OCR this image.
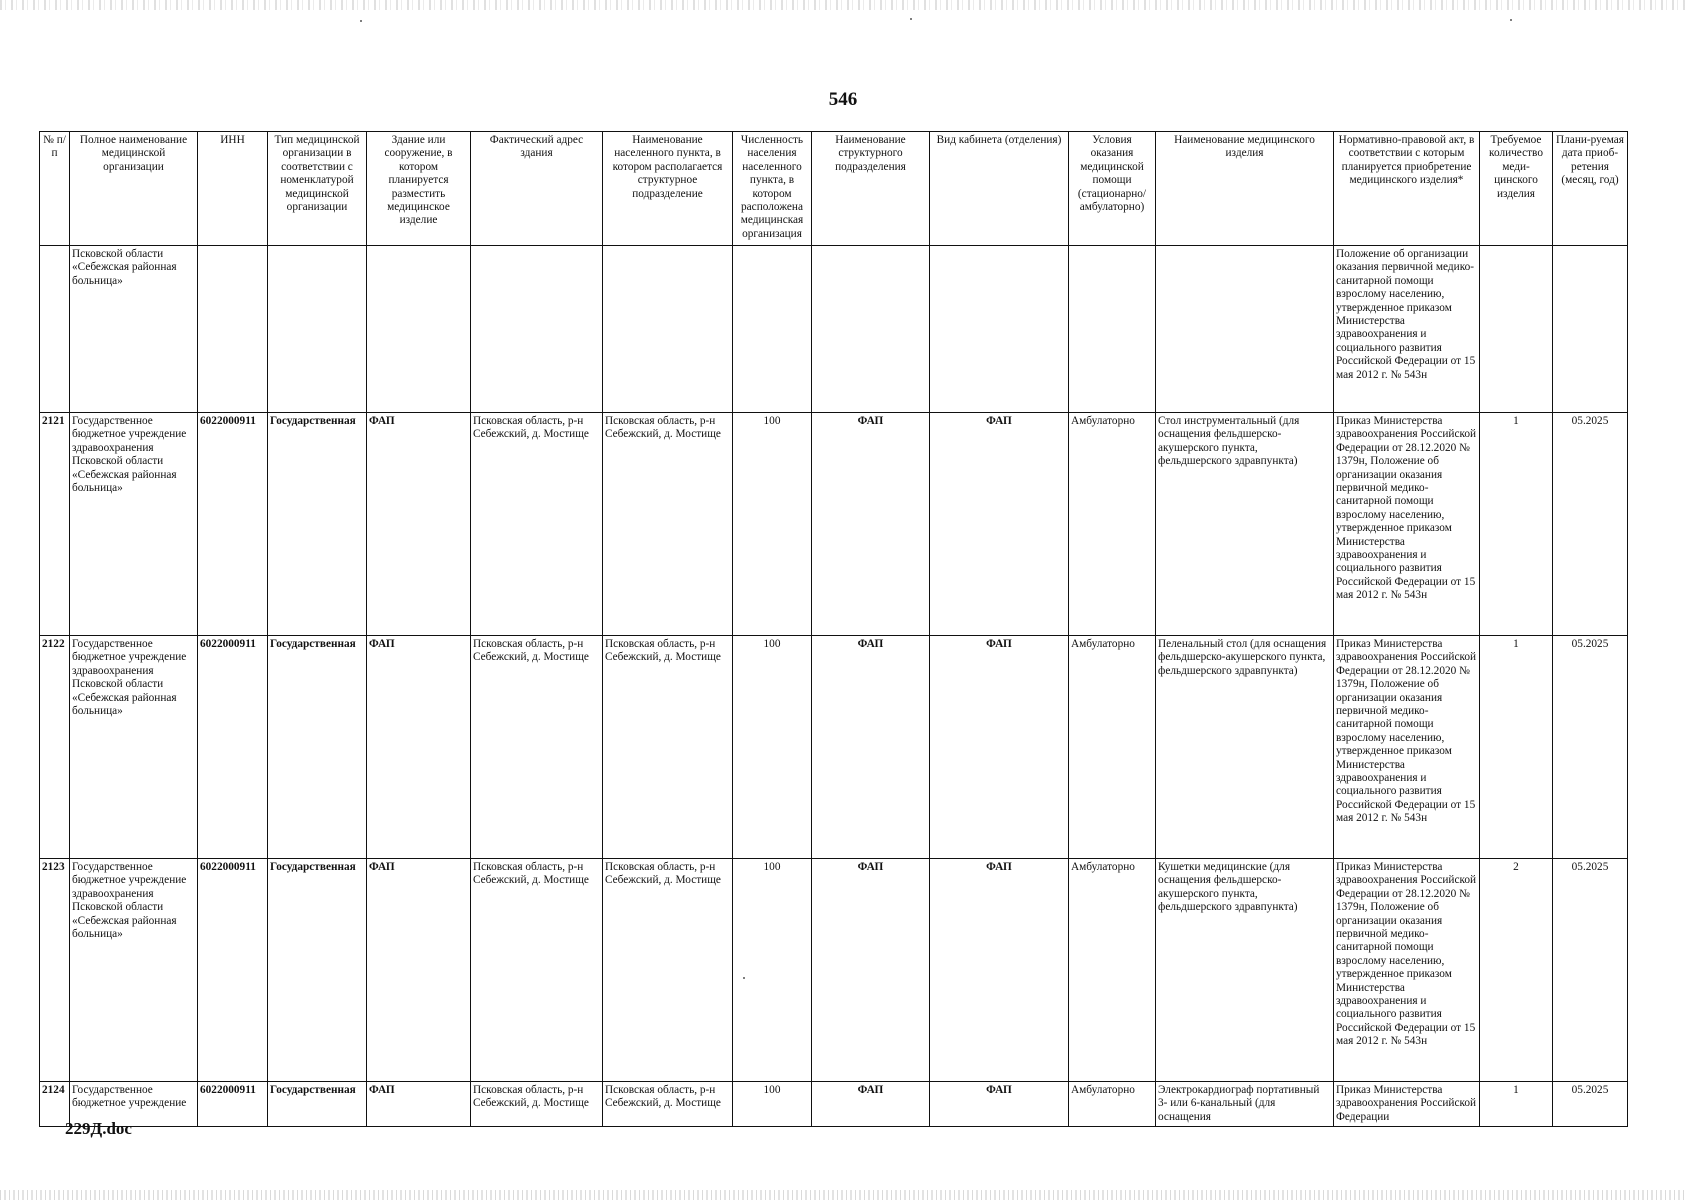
546
№ п/п	Полное наименование медицинской организации	ИНН	Тип медицинской организации в соответствии с номенклатурой медицинской организации	Здание или сооружение, в котором планируется разместить медицинское изделие	Фактический адрес здания	Наименование населенного пункта, в котором располагается структурное подразделение	Численность населения населенного пункта, в котором расположена медицинская организация	Наименование структурного подразделения	Вид кабинета (отделения)	Условия оказания медицинской помощи (стационарно/ амбулаторно)	Наименование медицинского изделия	Нормативно-правовой акт, в соответствии с которым планируется приобретение медицинского изделия*	Требуемое количество меди-цинского изделия	Плани-руемая дата приоб-ретения (месяц, год)
	Псковской области «Себежская районная больница»											Положение об организации оказания первичной медико-санитарной помощи взрослому населению, утвержденное приказом Министерства здравоохранения и социального развития Российской Федерации от 15 мая 2012 г. № 543н		
2121	Государственное бюджетное учреждение здравоохранения Псковской области «Себежская районная больница»	6022000911	Государственная	ФАП	Псковская область, р-н Себежский, д. Мостище	Псковская область, р-н Себежский, д. Мостище	100	ФАП	ФАП	Амбулаторно	Стол инструментальный (для оснащения фельдшерско-акушерского пункта, фельдшерского здравпункта)	Приказ Министерства здравоохранения Российской Федерации от 28.12.2020 № 1379н, Положение об организации оказания первичной медико-санитарной помощи взрослому населению, утвержденное приказом Министерства здравоохранения и социального развития Российской Федерации от 15 мая 2012 г. № 543н	1	05.2025
2122	Государственное бюджетное учреждение здравоохранения Псковской области «Себежская районная больница»	6022000911	Государственная	ФАП	Псковская область, р-н Себежский, д. Мостище	Псковская область, р-н Себежский, д. Мостище	100	ФАП	ФАП	Амбулаторно	Пеленальный стол (для оснащения фельдшерско-акушерского пункта, фельдшерского здравпункта)	Приказ Министерства здравоохранения Российской Федерации от 28.12.2020 № 1379н, Положение об организации оказания первичной медико-санитарной помощи взрослому населению, утвержденное приказом Министерства здравоохранения и социального развития Российской Федерации от 15 мая 2012 г. № 543н	1	05.2025
2123	Государственное бюджетное учреждение здравоохранения Псковской области «Себежская районная больница»	6022000911	Государственная	ФАП	Псковская область, р-н Себежский, д. Мостище	Псковская область, р-н Себежский, д. Мостище	100	ФАП	ФАП	Амбулаторно	Кушетки медицинские (для оснащения фельдшерско-акушерского пункта, фельдшерского здравпункта)	Приказ Министерства здравоохранения Российской Федерации от 28.12.2020 № 1379н, Положение об организации оказания первичной медико-санитарной помощи взрослому населению, утвержденное приказом Министерства здравоохранения и социального развития Российской Федерации от 15 мая 2012 г. № 543н	2	05.2025
2124	Государственное бюджетное учреждение	6022000911	Государственная	ФАП	Псковская область, р-н Себежский, д. Мостище	Псковская область, р-н Себежский, д. Мостище	100	ФАП	ФАП	Амбулаторно	Электрокардиограф портативный 3- или 6-канальный (для оснащения	Приказ Министерства здравоохранения Российской Федерации	1	05.2025
229Д.doc
